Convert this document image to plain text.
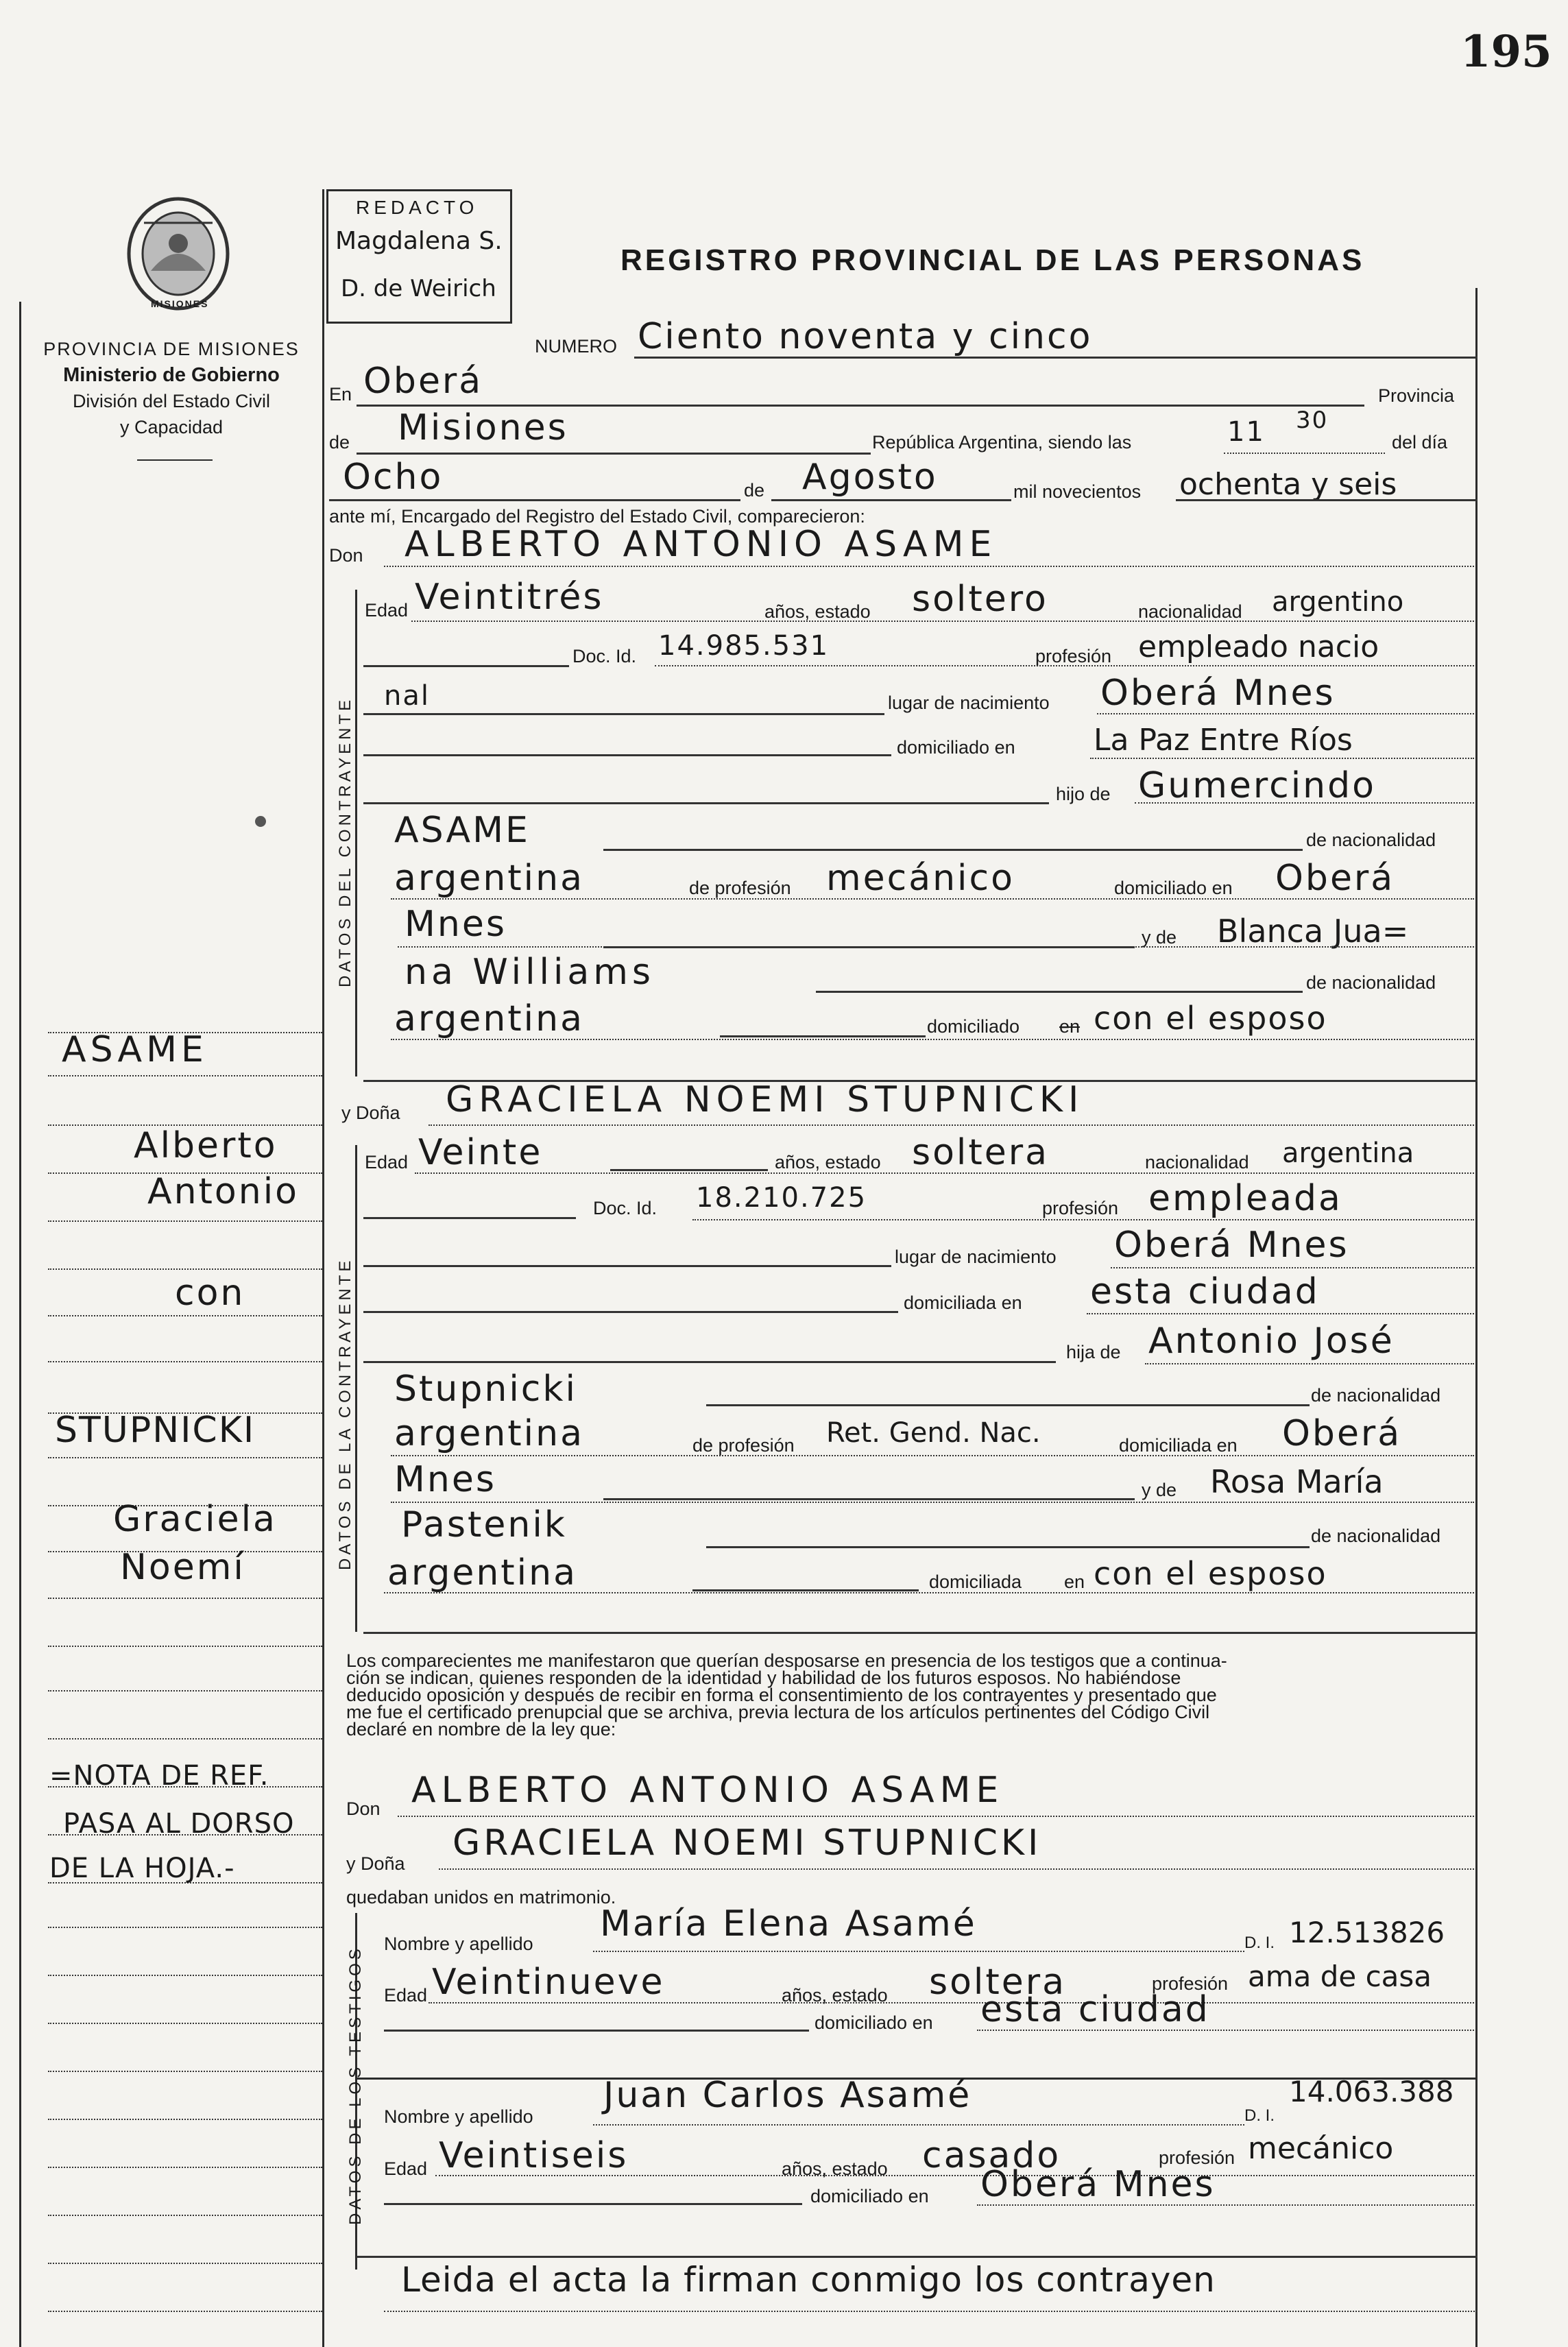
195
MISIONES
PROVINCIA DE MISIONES
Ministerio de Gobierno
División del Estado Civil
y Capacidad
REDACTO
Magdalena S.
D. de Weirich
REGISTRO PROVINCIAL DE LAS PERSONAS
NUMERO Ciento noventa y cinco
En Oberá	Provincia
de Misiones	República Argentina, siendo las	11 30
del día
Ocho	de Agosto	mil novecientos ochenta y seis
ante mí, Encargado del Registro del Estado Civil, comparecieron:
Don ALBERTO ANTONIO ASAME
DATOS DEL CONTRAYENTE
Edad Veintitrés	años, estado soltero	nacionalidad argentino
Doc. Id. 14.985.531	profesión empleado nacio
nal	lugar de nacimiento Oberá Mnes
domiciliado en	La Paz Entre Ríos
hijo de Gumercindo
ASAME	de nacionalidad
argentina	de profesión mecánico	domiciliado en Oberá
Mnes	y de Blanca Jua=
na Williams	de nacionalidad
argentina	domiciliado en con el esposo
y Doña GRACIELA NOEMI STUPNICKI
DATOS DE LA CONTRAYENTE
Edad Veinte	años, estado soltera	nacionalidad argentina
Doc. Id. 18.210.725	profesión empleada
lugar de nacimiento Oberá Mnes
domiciliada en esta ciudad
hija de Antonio José
Stupnicki	de nacionalidad
argentina	de profesión Ret. Gend. Nac.	domiciliada en Oberá
Mnes	y de Rosa María
Pastenik	de nacionalidad
argentina	domiciliada en con el esposo
Los comparecientes me manifestaron que querían desposarse en presencia de los testigos que a continua-
ción se indican, quienes responden de la identidad y habilidad de los futuros esposos. No habiéndose
deducido oposición y después de recibir en forma el consentimiento de los contrayentes y presentado que
me fue el certificado prenupcial que se archiva, previa lectura de los artículos pertinentes del Código Civil
declaré en nombre de la ley que:
Don ALBERTO ANTONIO ASAME
y Doña GRACIELA NOEMI STUPNICKI
quedaban unidos en matrimonio.
DATOS DE LOS TESTIGOS
Nombre y apellido María Elena Asamé	D. I. 12.513826
Edad Veintinueve	años, estado soltera	profesión ama de casa
domiciliado en esta ciudad
Nombre y apellido
Juan Carlos Asamé	D. I.
14.063.388
Edad Veintiseis	años, estado casado	profesión mecánico
domiciliado en Oberá Mnes
Leida el acta la firman conmigo los contrayen
ASAME
Alberto
Antonio
con
STUPNICKI
Graciela
Noemí
=NOTA DE REF.
PASA AL DORSO
DE LA HOJA.-
